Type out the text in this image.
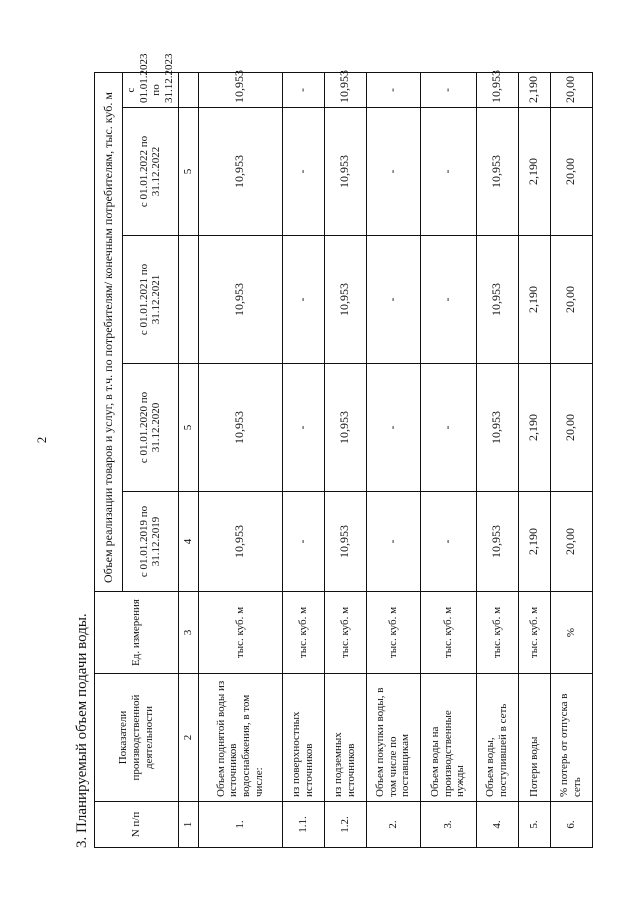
2
3. Планируемый объем подачи воды.	N п/п	Показатели производственной деятельности	Ед. измерения	Объем реализации товаров и услуг, в т.ч. по потребителям/ конечным потребителям, тыс. куб. м				
			с 01.01.2019 по 31.12.2019	с 01.01.2020 по 31.12.2020	с 01.01.2021 по 31.12.2021	с 01.01.2022 по 31.12.2022	с 01.01.2023 по 31.12.2023
1	2	3	4	5		5	
1.	Объем поднятой воды из источников водоснабжения, в том числе:	тыс. куб. м	10,953	10,953	10,953	10,953	10,953
1.1.	из поверхностных источников	тыс. куб. м	-	-	-	-	-
1.2.	из подземных источников	тыс. куб. м	10,953	10,953	10,953	10,953	10,953
2.	Объем покупки воды, в том числе по поставщикам	тыс. куб. м	-	-	-	-	-
3.	Объем воды на производственные нужды	тыс. куб. м	-	-	-	-	-
4.	Объем воды, поступившей в сеть	тыс. куб. м	10,953	10,953	10,953	10,953	10,953
5.	Потери воды	тыс. куб. м	2,190	2,190	2,190	2,190	2,190
6.	% потерь от отпуска в сеть	%	20,00	20,00	20,00	20,00	20,00
